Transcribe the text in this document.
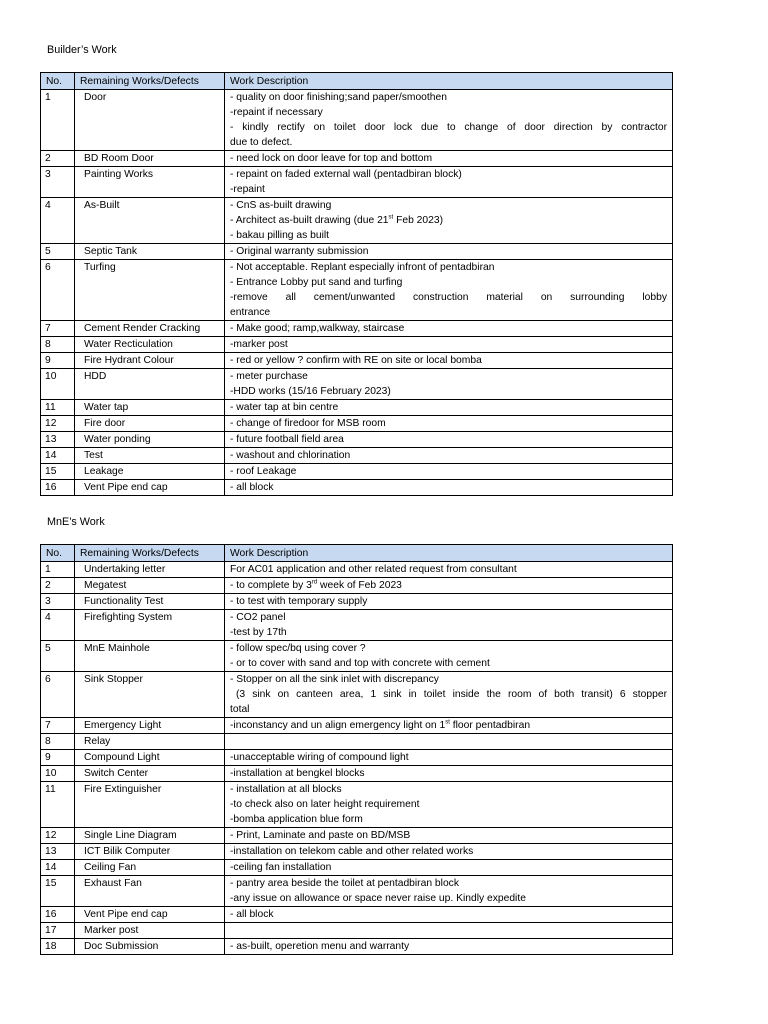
Builder’s Work
No.	Remaining Works/Defects	Work Description
1	Door	- quality on door finishing;sand paper/smoothen
-repaint if necessary
- kindly rectify on toilet door lock due to change of door direction by contractor
due to defect.

2	BD Room Door	- need lock on door leave for top and bottom

3	Painting Works	- repaint on faded external wall (pentadbiran block)
-repaint

4	As-Built	- CnS as-built drawing
- Architect as-built drawing (due 21st Feb 2023)
- bakau pilling as built

5	Septic Tank	- Original warranty submission

6	Turfing	- Not acceptable. Replant especially infront of pentadbiran
- Entrance Lobby put sand and turfing
-remove all cement/unwanted construction material on surrounding lobby
entrance

7	Cement Render Cracking	- Make good; ramp,walkway, staircase

8	Water Recticulation	-marker post

9	Fire Hydrant Colour	- red or yellow ? confirm with RE on site or local bomba

10	HDD	- meter purchase
-HDD works (15/16 February 2023)

11	Water tap	- water tap at bin centre

12	Fire door	- change of firedoor for MSB room

13	Water ponding	- future football field area

14	Test	- washout and chlorination

15	Leakage	- roof Leakage

16	Vent Pipe end cap	- all block
MnE’s Work
No.	Remaining Works/Defects	Work Description
1	Undertaking letter	For AC01 application and other related request from consultant

2	Megatest	- to complete by 3rd week of Feb 2023

3	Functionality Test	- to test with temporary supply

4	Firefighting System	- CO2 panel
-test by 17th

5	MnE Mainhole	- follow spec/bq using cover ?
- or to cover with sand and top with concrete with cement

6	Sink Stopper	- Stopper on all the sink inlet with discrepancy
(3 sink on canteen area, 1 sink in toilet inside the room of both transit) 6 stopper
total

7	Emergency Light	-inconstancy and un align emergency light on 1st floor pentadbiran

8	Relay	

9	Compound Light	-unacceptable wiring of compound light

10	Switch Center	-installation at bengkel blocks

11	Fire Extinguisher	- installation at all blocks
-to check also on later height requirement
-bomba application blue form

12	Single Line Diagram	- Print, Laminate and paste on BD/MSB

13	ICT Bilik Computer	-installation on telekom cable and other related works

14	Ceiling Fan	-ceiling fan installation

15	Exhaust Fan	- pantry area beside the toilet at pentadbiran block
-any issue on allowance or space never raise up. Kindly expedite

16	Vent Pipe end cap	- all block

17	Marker post	

18	Doc Submission	- as-built, operetion menu and warranty
